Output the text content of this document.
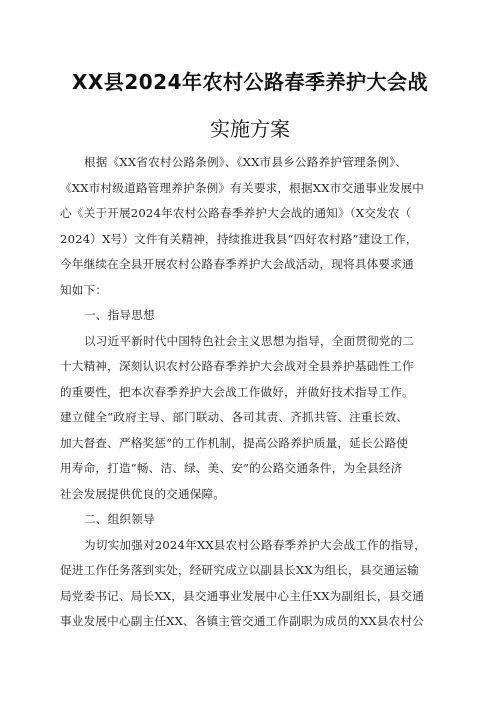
XX县2024年农村公路春季养护大会战
实施方案
根据《XX省农村公路条例》、《XX市县乡公路养护管理条例》、
《XX市村级道路管理养护条例》有关要求，根据XX市交通事业发展中
心《关于开展2024年农村公路春季养护大会战的通知》（X交发农（
2024）X号）文件有关精神，持续推进我县“四好农村路”建设工作，
今年继续在全县开展农村公路春季养护大会战活动，现将具体要求通
知如下：
一、指导思想
以习近平新时代中国特色社会主义思想为指导，全面贯彻党的二
十大精神，深刻认识农村公路春季养护大会战对全县养护基础性工作
的重要性，把本次春季养护大会战工作做好，并做好技术指导工作。
建立健全“政府主导、部门联动、各司其责、齐抓共管、注重长效、
加大督查、严格奖惩”的工作机制，提高公路养护质量，延长公路使
用寿命，打造“畅、洁、绿、美、安”的公路交通条件，为全县经济
社会发展提供优良的交通保障。
二、组织领导
为切实加强对2024年XX县农村公路春季养护大会战工作的指导，
促进工作任务落到实处，经研究成立以副县长XX为组长，县交通运输
局党委书记、局长XX，县交通事业发展中心主任XX为副组长，县交通
事业发展中心副主任XX、各镇主管交通工作副职为成员的XX县农村公
